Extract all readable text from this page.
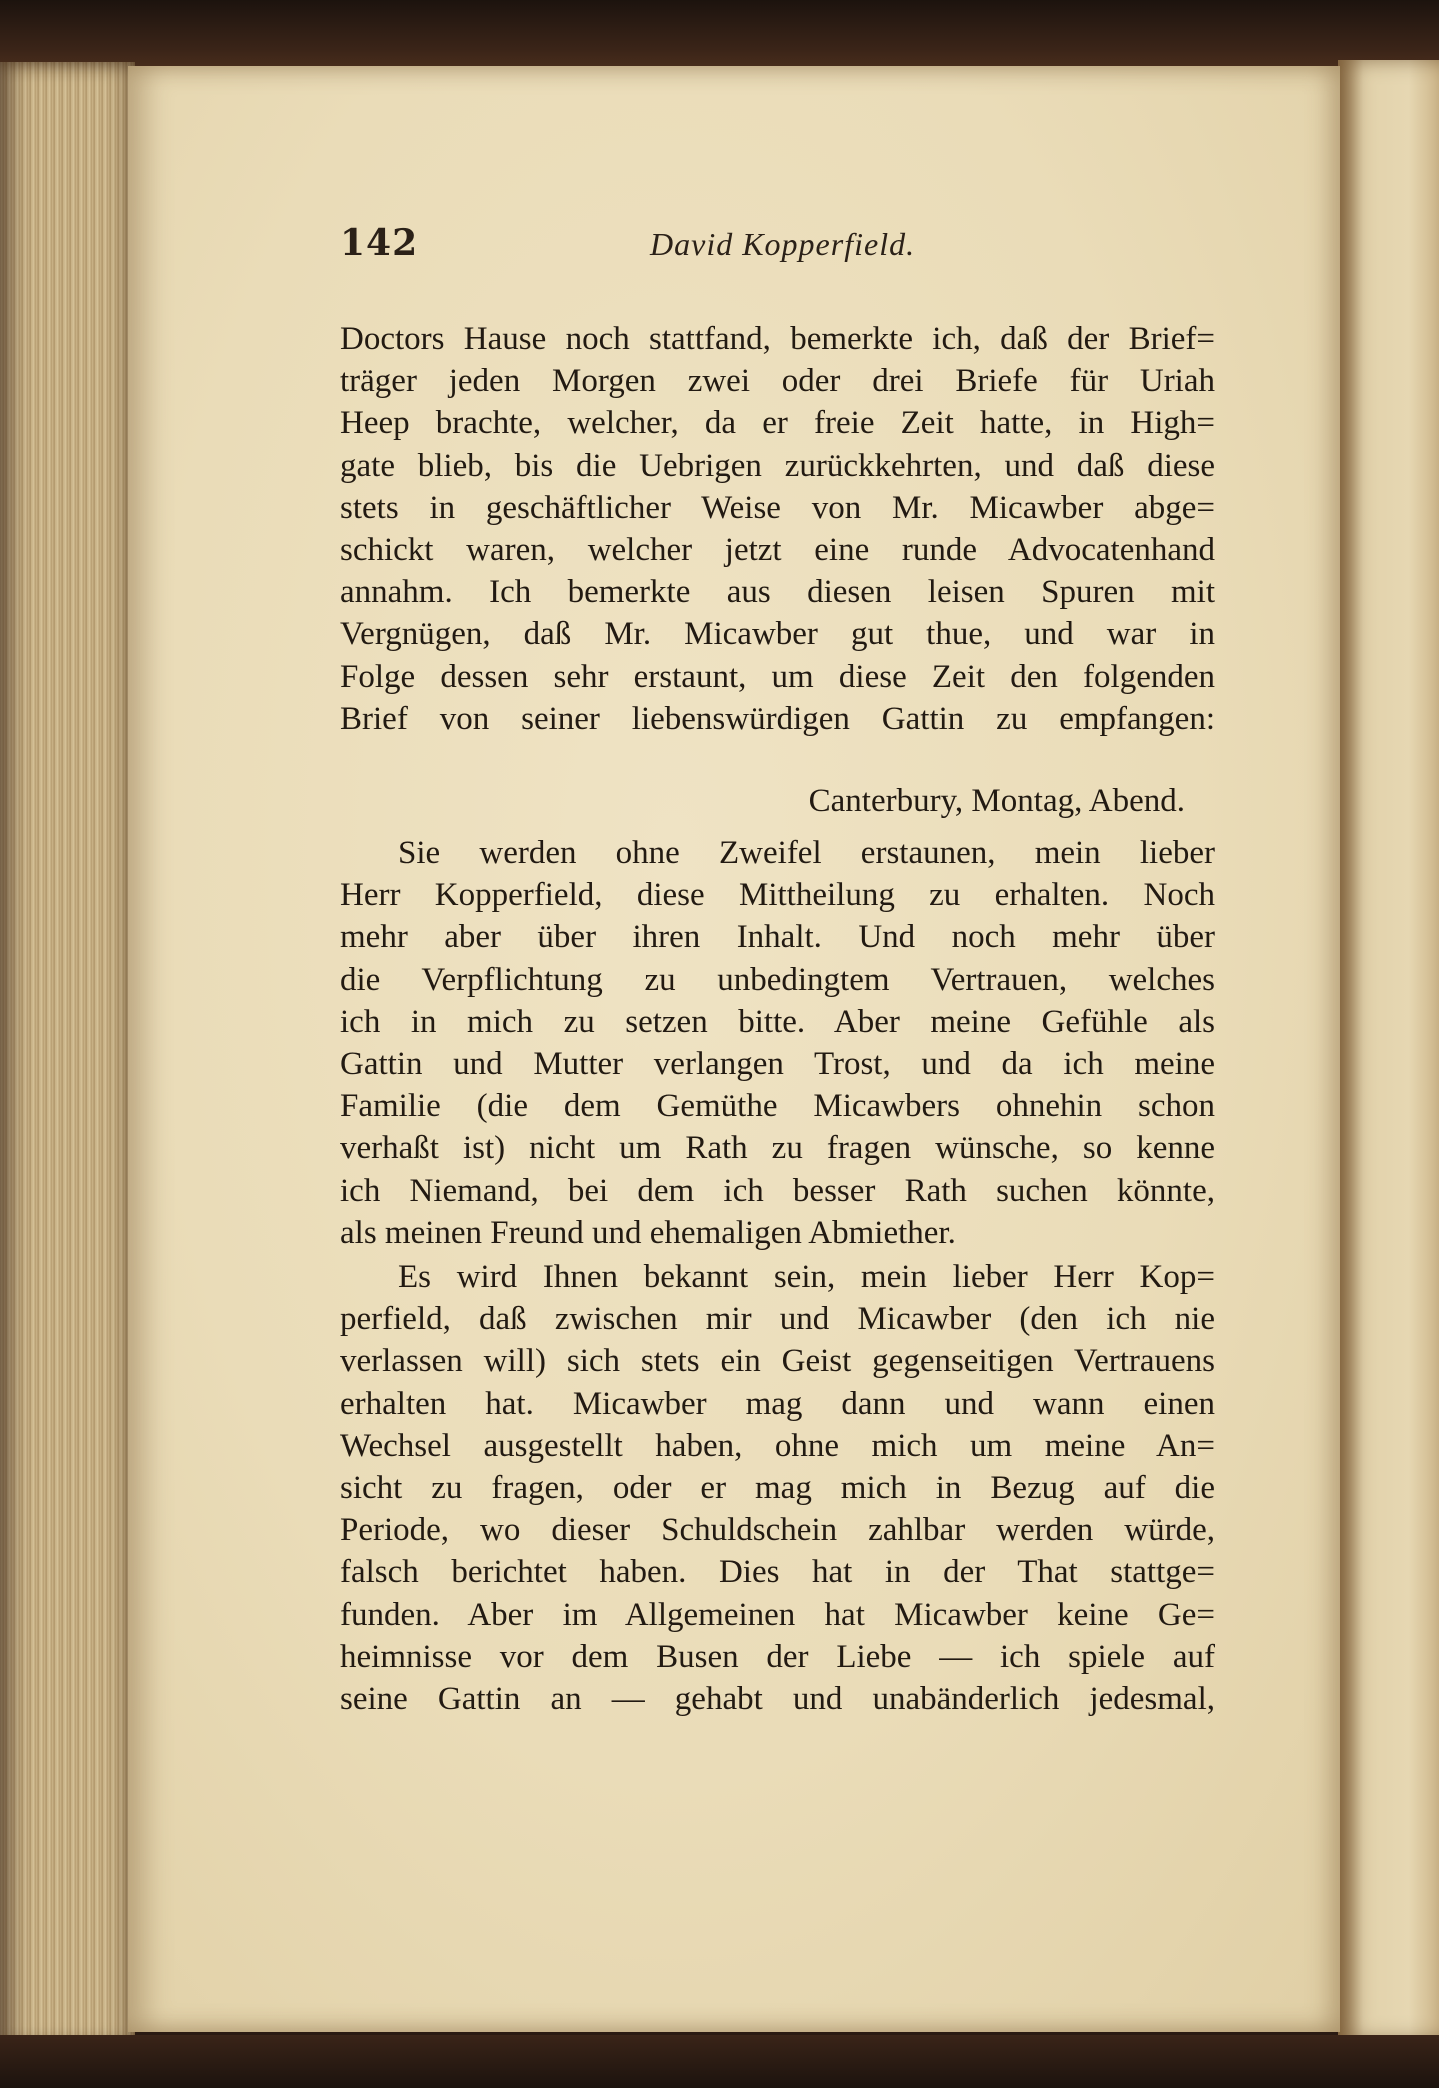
142	David Kopperfield.
Doctors Hause noch stattfand, bemerkte ich, daß der Brief=
träger jeden Morgen zwei oder drei Briefe für Uriah
Heep brachte, welcher, da er freie Zeit hatte, in High=
gate blieb, bis die Uebrigen zurückkehrten, und daß diese
stets in geschäftlicher Weise von Mr. Micawber abge=
schickt waren, welcher jetzt eine runde Advocatenhand
annahm. Ich bemerkte aus diesen leisen Spuren mit
Vergnügen, daß Mr. Micawber gut thue, und war in
Folge dessen sehr erstaunt, um diese Zeit den folgenden
Brief von seiner liebenswürdigen Gattin zu empfangen:
Canterbury, Montag, Abend.
Sie werden ohne Zweifel erstaunen, mein lieber
Herr Kopperfield, diese Mittheilung zu erhalten. Noch
mehr aber über ihren Inhalt. Und noch mehr über
die Verpflichtung zu unbedingtem Vertrauen, welches
ich in mich zu setzen bitte. Aber meine Gefühle als
Gattin und Mutter verlangen Trost, und da ich meine
Familie (die dem Gemüthe Micawbers ohnehin schon
verhaßt ist) nicht um Rath zu fragen wünsche, so kenne
ich Niemand, bei dem ich besser Rath suchen könnte,
als meinen Freund und ehemaligen Abmiether.
Es wird Ihnen bekannt sein, mein lieber Herr Kop=
perfield, daß zwischen mir und Micawber (den ich nie
verlassen will) sich stets ein Geist gegenseitigen Vertrauens
erhalten hat. Micawber mag dann und wann einen
Wechsel ausgestellt haben, ohne mich um meine An=
sicht zu fragen, oder er mag mich in Bezug auf die
Periode, wo dieser Schuldschein zahlbar werden würde,
falsch berichtet haben. Dies hat in der That stattge=
funden. Aber im Allgemeinen hat Micawber keine Ge=
heimnisse vor dem Busen der Liebe — ich spiele auf
seine Gattin an — gehabt und unabänderlich jedesmal,
